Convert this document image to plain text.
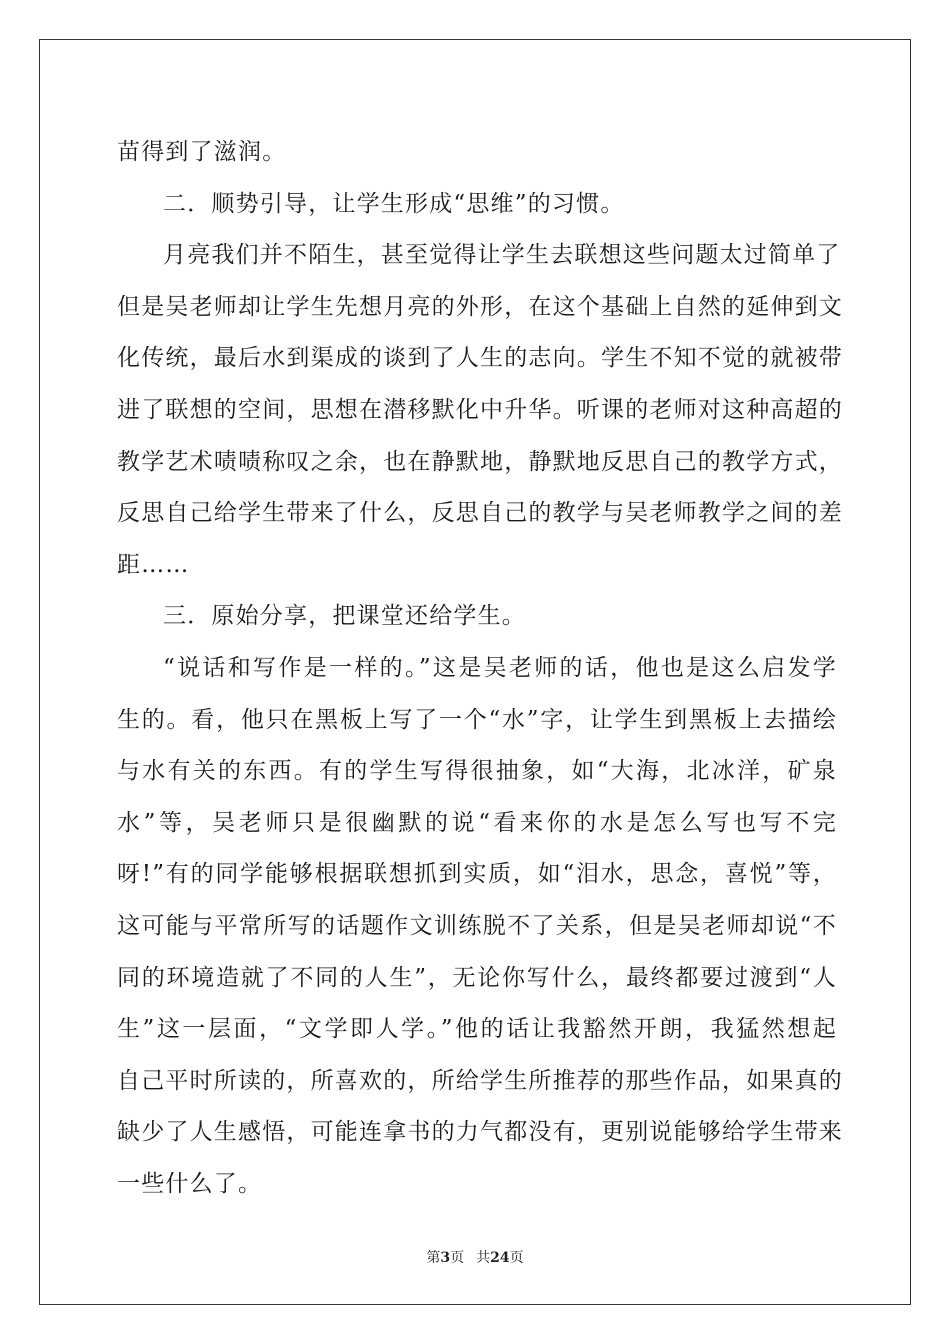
苗得到了滋润。
二．顺势引导，让学生形成“思维”的习惯。
月亮我们并不陌生，甚至觉得让学生去联想这些问题太过简单了
但是吴老师却让学生先想月亮的外形，在这个基础上自然的延伸到文
化传统，最后水到渠成的谈到了人生的志向。学生不知不觉的就被带
进了联想的空间，思想在潜移默化中升华。听课的老师对这种高超的
教学艺术啧啧称叹之余，也在静默地，静默地反思自己的教学方式，
反思自己给学生带来了什么，反思自己的教学与吴老师教学之间的差
距……
三．原始分享，把课堂还给学生。
“说话和写作是一样的。”这是吴老师的话，他也是这么启发学
生的。看，他只在黑板上写了一个“水”字，让学生到黑板上去描绘
与水有关的东西。有的学生写得很抽象，如“大海，北冰洋，矿泉
水”等，吴老师只是很幽默的说“看来你的水是怎么写也写不完
呀!”有的同学能够根据联想抓到实质，如“泪水，思念，喜悦”等，
这可能与平常所写的话题作文训练脱不了关系，但是吴老师却说“不
同的环境造就了不同的人生”，无论你写什么，最终都要过渡到“人
生”这一层面，“文学即人学。”他的话让我豁然开朗，我猛然想起
自己平时所读的，所喜欢的，所给学生所推荐的那些作品，如果真的
缺少了人生感悟，可能连拿书的力气都没有，更别说能够给学生带来
一些什么了。
第3页 共24页
